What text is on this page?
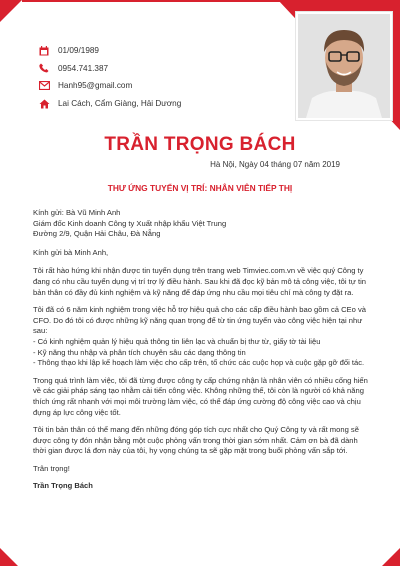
01/09/1989
0954.741.387
Hanh95@gmail.com
Lai Cách, Cẩm Giàng, Hải Dương
TRẦN TRỌNG BÁCH
Hà Nội, Ngày 04 tháng 07 năm 2019
THƯ ỨNG TUYỂN VỊ TRÍ: NHÂN VIÊN TIẾP THỊ

Kính gửi: Bà Vũ Minh Anh

Giám đốc Kinh doanh Công ty Xuất nhập khẩu Việt Trung

Đường 2/9, Quận Hải Châu, Đà Nẵng

Kính gửi bà Minh Anh,

Tôi rất hào hứng khi nhận được tin tuyển dụng trên trang web Timviec.com.vn về việc quý Công ty đang có nhu cầu tuyển dụng vị trí trợ lý điều hành. Sau khi đã đọc kỹ bản mô tả công việc, tôi tự tin bản thân có đầy đủ kinh nghiệm và kỹ năng để đáp ứng nhu cầu mọi tiêu chí mà công ty đặt ra.

Tôi đã có 6 năm kinh nghiệm trong việc hỗ trợ hiệu quả cho các cấp điều hành bao gồm cả CEo và CFO. Do đó tôi có được những kỹ năng quan trọng để từ tin ứng tuyển vào công việc hiện tại như sau:

- Có kinh nghiệm quản lý hiệu quả thông tin liên lạc và chuẩn bị thư từ, giấy tờ tài liệu

- Kỹ năng thu nhập và phân tích chuyên sâu các dạng thông tin

- Thông thạo khi lập kế hoạch làm việc cho cấp trên, tổ chức các cuộc họp và cuộc gặp gỡ đối tác.

Trong quá trình làm việc, tôi đã từng được công ty cấp chứng nhận là nhân viên có nhiều cống hiến về các giải pháp sáng tạo nhằm cải tiến công việc. Không những thế, tôi còn là người có khả năng thích ứng rất nhanh với mọi môi trường làm việc, có thể đáp ứng cường độ công việc cao và chịu đựng áp lực công việc tốt.

Tôi tin bản thân có thể mang đến những đóng góp tích cực nhất cho Quý Công ty và rất mong sẽ được công ty đón nhận bằng một cuộc phỏng vấn trong thời gian sớm nhất. Cảm ơn bà đã dành thời gian được lá đơn này của tôi, hy vọng chúng ta sẽ gặp mặt trong buổi phỏng vấn sắp tới.

Trân trọng!

Trần Trọng Bách
